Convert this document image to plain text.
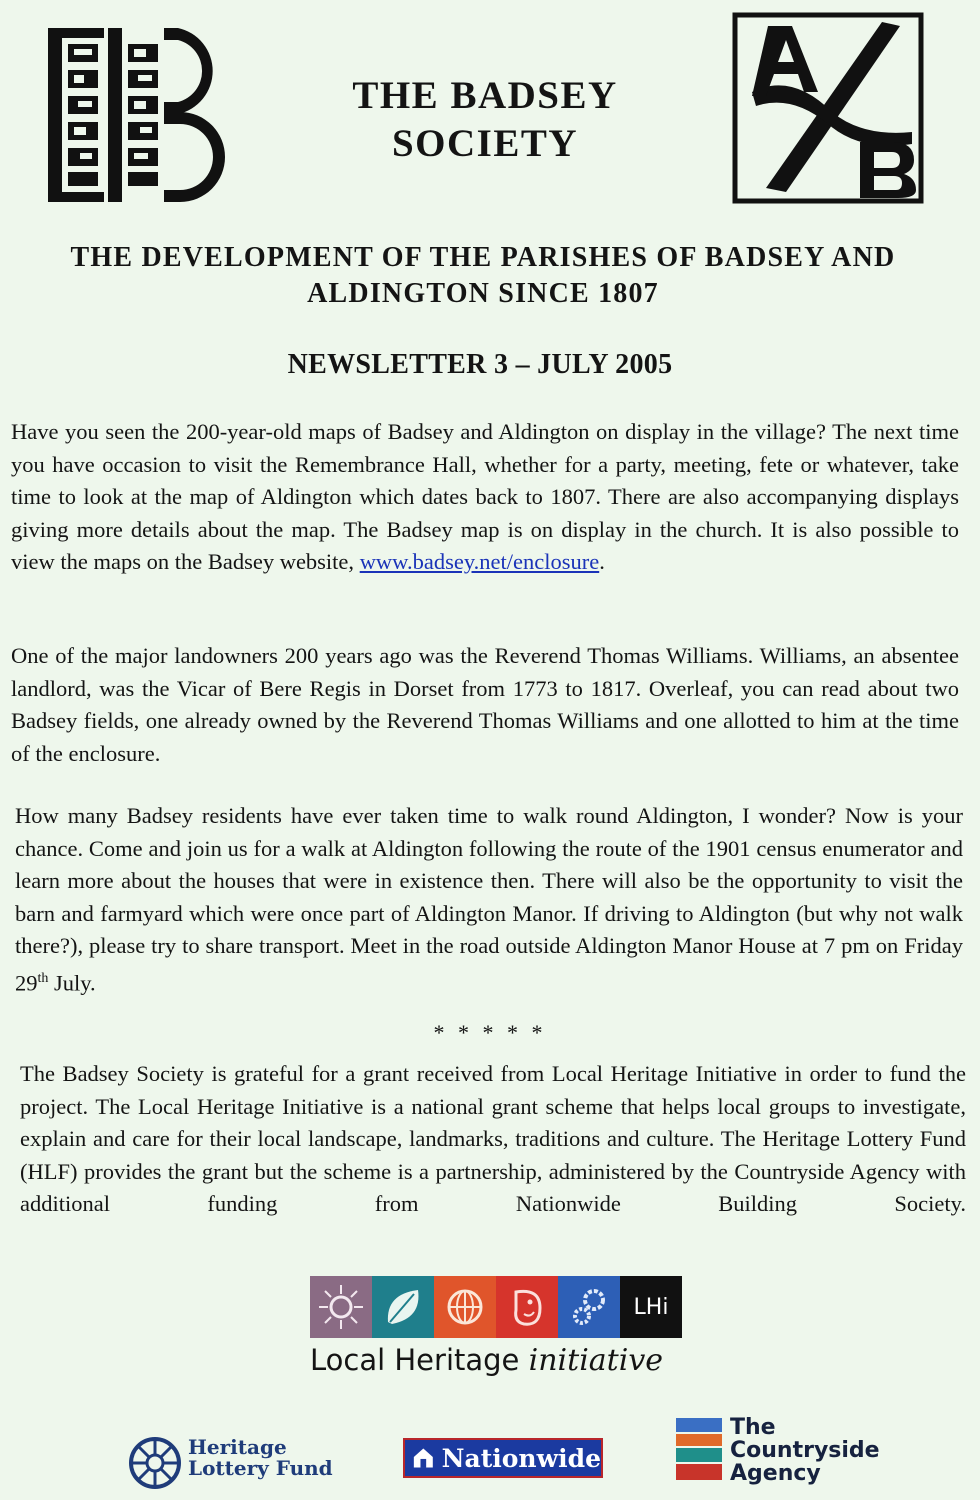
THE BADSEY SOCIETY
THE DEVELOPMENT OF THE PARISHES OF BADSEY AND ALDINGTON SINCE 1807
NEWSLETTER 3 – JULY 2005
Have you seen the 200-year-old maps of Badsey and Aldington on display in the village? The next time you have occasion to visit the Remembrance Hall, whether for a party, meeting, fete or whatever, take time to look at the map of Aldington which dates back to 1807. There are also accompanying displays giving more details about the map. The Badsey map is on display in the church. It is also possible to view the maps on the Badsey website, www.badsey.net/enclosure.
One of the major landowners 200 years ago was the Reverend Thomas Williams. Williams, an absentee landlord, was the Vicar of Bere Regis in Dorset from 1773 to 1817. Overleaf, you can read about two Badsey fields, one already owned by the Reverend Thomas Williams and one allotted to him at the time of the enclosure.
How many Badsey residents have ever taken time to walk round Aldington, I wonder? Now is your chance. Come and join us for a walk at Aldington following the route of the 1901 census enumerator and learn more about the houses that were in existence then. There will also be the opportunity to visit the barn and farmyard which were once part of Aldington Manor. If driving to Aldington (but why not walk there?), please try to share transport. Meet in the road outside Aldington Manor House at 7 pm on Friday 29th July.
* * * * *
The Badsey Society is grateful for a grant received from Local Heritage Initiative in order to fund the project. The Local Heritage Initiative is a national grant scheme that helps local groups to investigate, explain and care for their local landscape, landmarks, traditions and culture. The Heritage Lottery Fund (HLF) provides the grant but the scheme is a partnership, administered by the Countryside Agency with additional funding from Nationwide Building Society.
LHi
Local Heritage initiative
Heritage
Lottery Fund	Nationwide
The
Countryside
Agency
